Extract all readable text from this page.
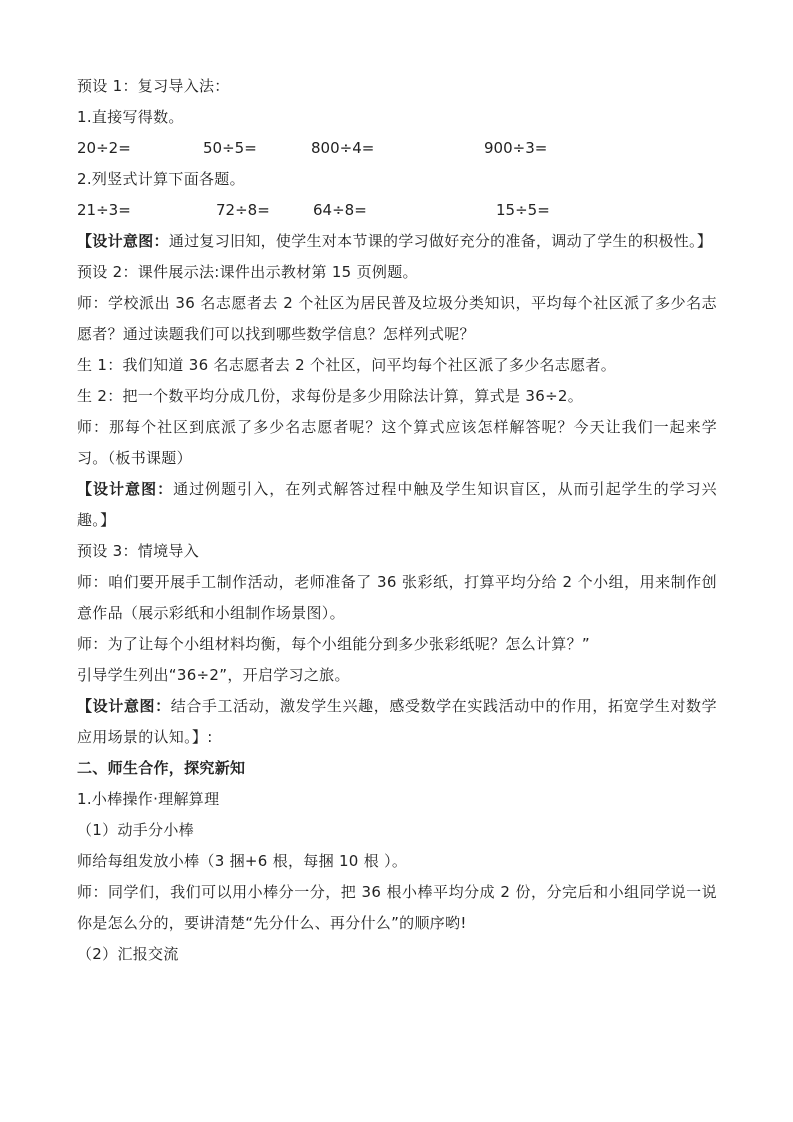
预设 1：复习导入法：
1.直接写得数。
20÷2=	50÷5=	800÷4=	900÷3=
2.列竖式计算下面各题。
21÷3=	72÷8=	64÷8=	15÷5=
【设计意图：通过复习旧知，使学生对本节课的学习做好充分的准备，调动了学生的积极性。】
预设 2：课件展示法:课件出示教材第 15 页例题。
师：学校派出 36 名志愿者去 2 个社区为居民普及垃圾分类知识，平均每个社区派了多少名志愿者？通过读题我们可以找到哪些数学信息？怎样列式呢？
生 1：我们知道 36 名志愿者去 2 个社区，问平均每个社区派了多少名志愿者。
生 2：把一个数平均分成几份，求每份是多少用除法计算，算式是 36÷2。
师：那每个社区到底派了多少名志愿者呢？这个算式应该怎样解答呢？今天让我们一起来学习。（板书课题）
【设计意图：通过例题引入，在列式解答过程中触及学生知识盲区，从而引起学生的学习兴趣。】
预设 3：情境导入
师：咱们要开展手工制作活动，老师准备了 36 张彩纸，打算平均分给 2 个小组，用来制作创意作品（展示彩纸和小组制作场景图）。
师：为了让每个小组材料均衡，每个小组能分到多少张彩纸呢？怎么计算？”
引导学生列出“36÷2”，开启学习之旅。
【设计意图：结合手工活动，激发学生兴趣，感受数学在实践活动中的作用，拓宽学生对数学应用场景的认知。】:
二、师生合作，探究新知
1.小棒操作·理解算理
（1）动手分小棒
师给每组发放小棒（3 捆+6 根，每捆 10 根 ）。
师：同学们，我们可以用小棒分一分，把 36 根小棒平均分成 2 份，分完后和小组同学说一说你是怎么分的，要讲清楚“先分什么、再分什么”的顺序哟!
（2）汇报交流
